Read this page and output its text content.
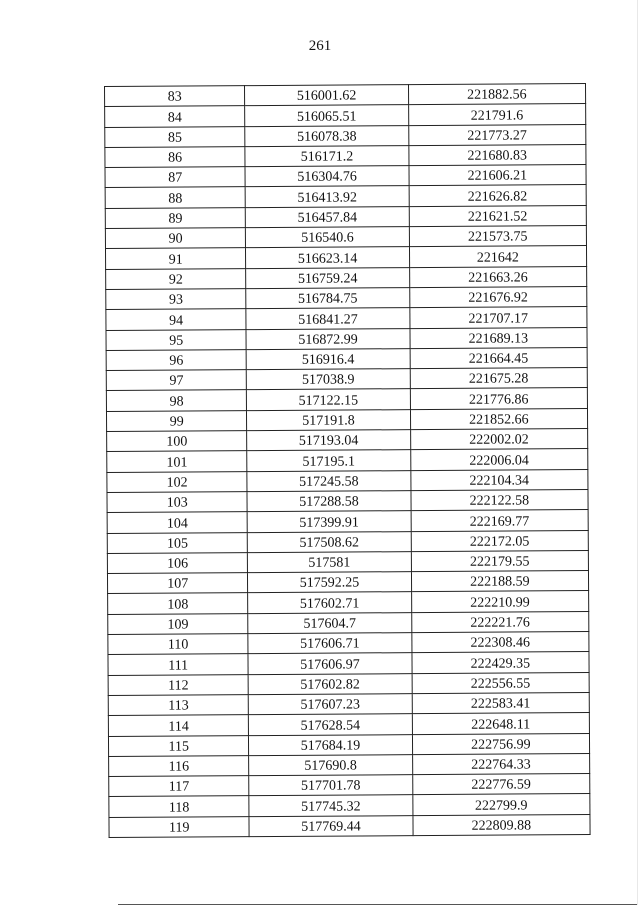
261
83	516001.62	221882.56
84	516065.51	221791.6
85	516078.38	221773.27
86	516171.2	221680.83
87	516304.76	221606.21
88	516413.92	221626.82
89	516457.84	221621.52
90	516540.6	221573.75
91	516623.14	221642
92	516759.24	221663.26
93	516784.75	221676.92
94	516841.27	221707.17
95	516872.99	221689.13
96	516916.4	221664.45
97	517038.9	221675.28
98	517122.15	221776.86
99	517191.8	221852.66
100	517193.04	222002.02
101	517195.1	222006.04
102	517245.58	222104.34
103	517288.58	222122.58
104	517399.91	222169.77
105	517508.62	222172.05
106	517581	222179.55
107	517592.25	222188.59
108	517602.71	222210.99
109	517604.7	222221.76
110	517606.71	222308.46
111	517606.97	222429.35
112	517602.82	222556.55
113	517607.23	222583.41
114	517628.54	222648.11
115	517684.19	222756.99
116	517690.8	222764.33
117	517701.78	222776.59
118	517745.32	222799.9
119	517769.44	222809.88
